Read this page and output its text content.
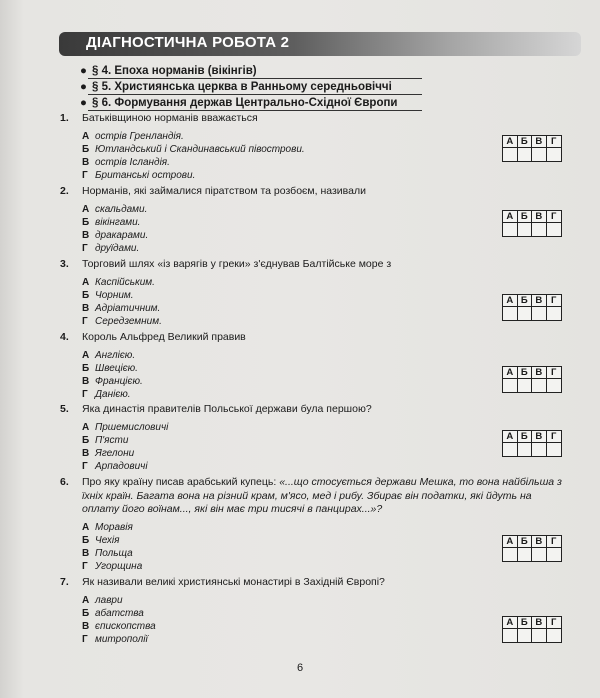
ДІАГНОСТИЧНА РОБОТА 2
● § 4. Епоха норманів (вікінгів)
● § 5. Християнська церква в Ранньому середньовіччі
● § 6. Формування держав Центрально-Східної Європи
1. Батьківщиною норманів вважається
А острів Гренландія.
Б Ютландський і Скандинавський півострови.
В острів Ісландія.
Г Британські острови.
А Б В Г
2. Норманів, які займалися піратством та розбоєм, називали
А скальдами.
Б вікінгами.
В дракарами.
Г друїдами.
А Б В Г
3. Торговий шлях «із варягів у греки» з'єднував Балтійське море з
А Каспійським.
Б Чорним.
В Адріатичним.
Г Середземним.
А Б В Г
4. Король Альфред Великий правив
А Англією.
Б Швецією.
В Францією.
Г Данією.
А Б В Г
5. Яка династія правителів Польської держави була першою?
А Пршемисловичі
Б П'ясти
В Ягелони
Г Арпадовичі
А Б В Г
6.	Про яку країну писав арабський купець: «...що стосується держави Мешка, то вона найбільша з їхніх країн. Багата вона на різний крам, м'ясо, мед і рибу. Збирає він податки, які йдуть на оплату його воїнам..., які він має три тисячі в панцирах...»?
А Моравія
Б Чехія
В Польща
Г Угорщина
А Б В Г
7. Як називали великі християнські монастирі в Західній Європі?
А лаври
Б абатства
В єпископства
Г митрополії
А Б В Г
6
